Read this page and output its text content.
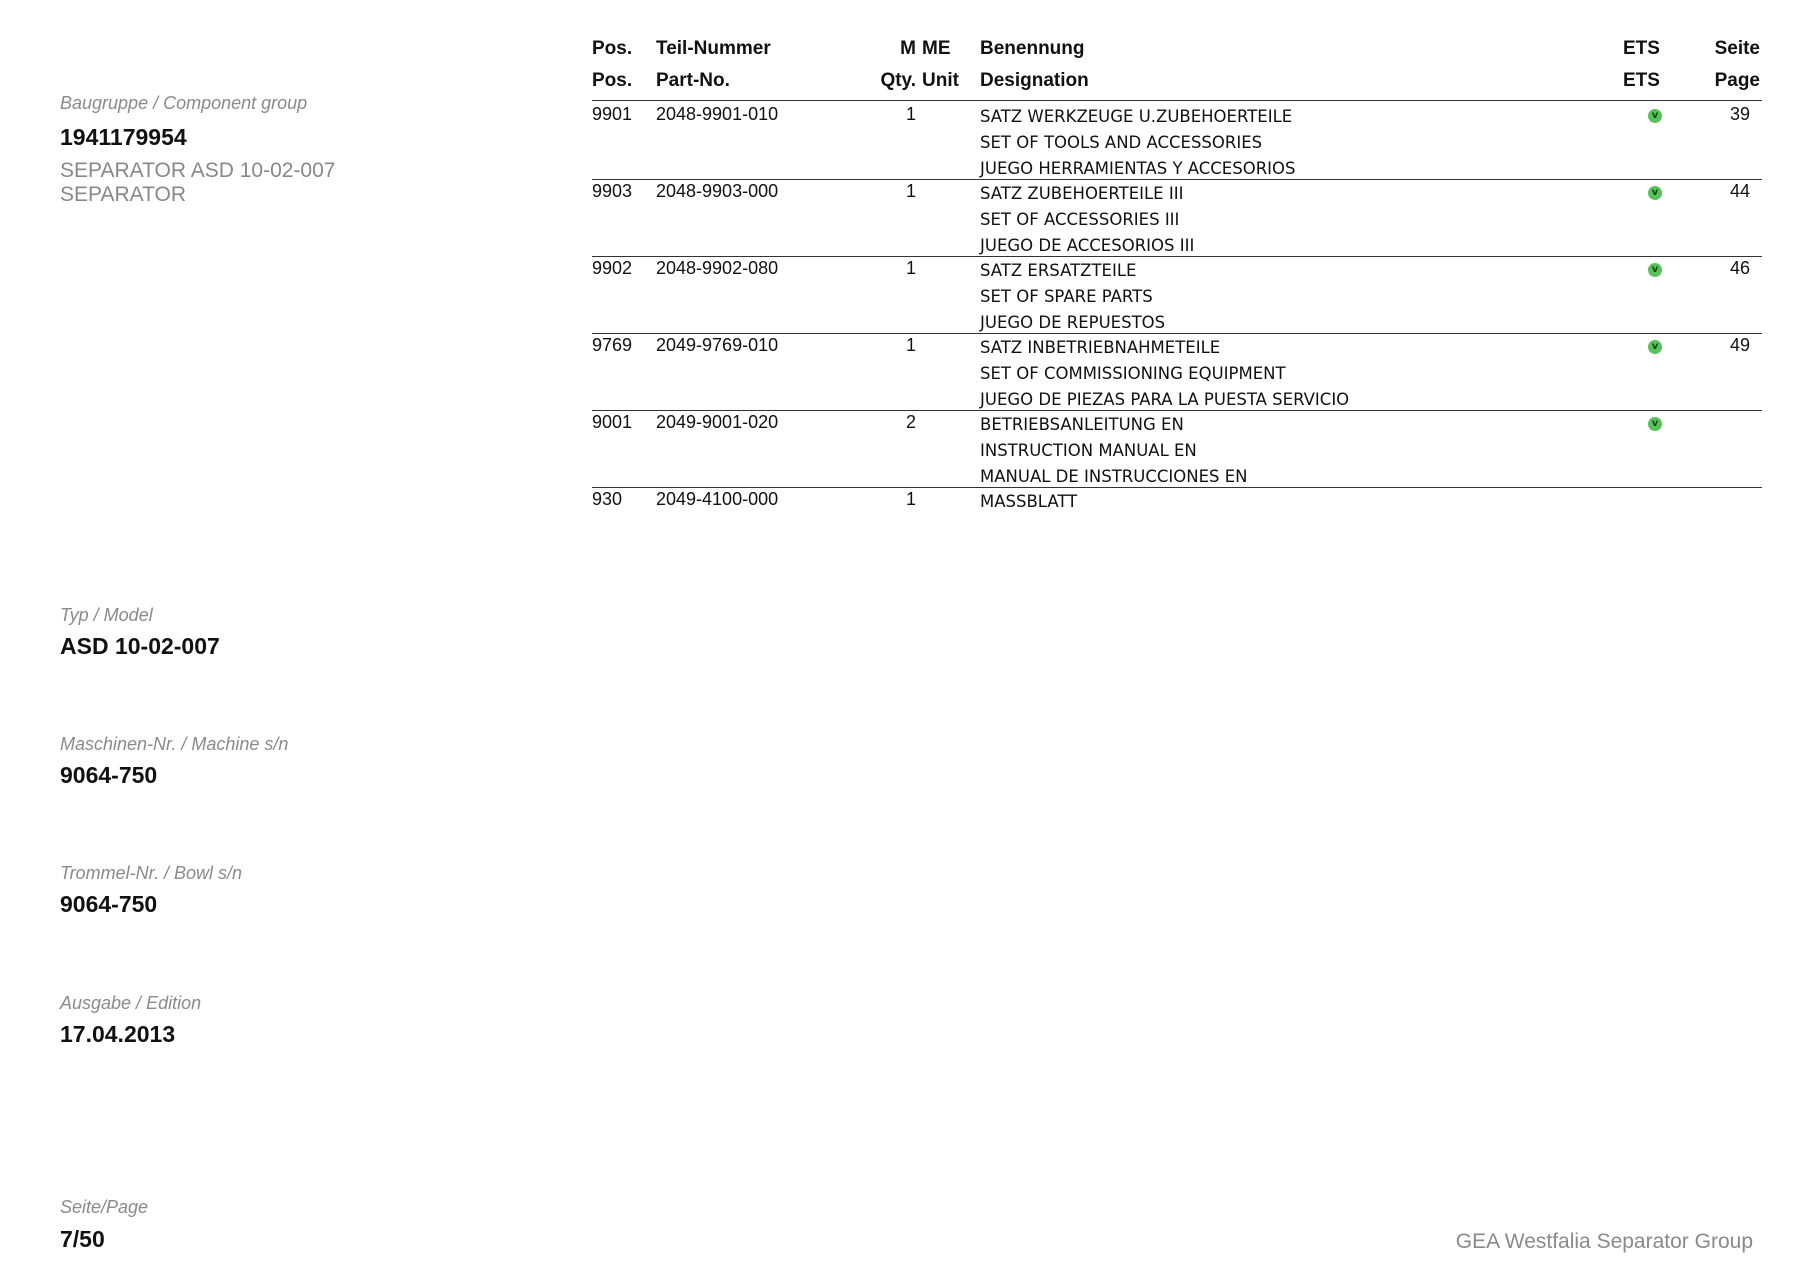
Baugruppe / Component group
1941179954
SEPARATOR ASD 10-02-007
SEPARATOR
Typ / Model
ASD 10-02-007
Maschinen-Nr. / Machine s/n
9064-750
Trommel-Nr. / Bowl s/n
9064-750
Ausgabe / Edition
17.04.2013
Seite/Page
7/50
Pos. Teil-Nummer	M ME Benennung	ETS	Seite
Pos. Part-No.	Qty. Unit Designation	ETS	Page
9901 2048-9901-010	1	SATZ WERKZEUGE U.ZUBEHOERTEILE
SET OF TOOLS AND ACCESSORIES
JUEGO HERRAMIENTAS Y ACCESORIOS
v	39
9903 2048-9903-000	1	SATZ ZUBEHOERTEILE III
SET OF ACCESSORIES III
JUEGO DE ACCESORIOS III
v	44
9902 2048-9902-080	1	SATZ ERSATZTEILE
SET OF SPARE PARTS
JUEGO DE REPUESTOS
v	46
9769 2049-9769-010	1	SATZ INBETRIEBNAHMETEILE
SET OF COMMISSIONING EQUIPMENT
JUEGO DE PIEZAS PARA LA PUESTA SERVICIO
v	49
9001 2049-9001-020	2	BETRIEBSANLEITUNG EN
INSTRUCTION MANUAL EN
MANUAL DE INSTRUCCIONES EN
v
930 2049-4100-000	1	MASSBLATT
GEA Westfalia Separator Group
